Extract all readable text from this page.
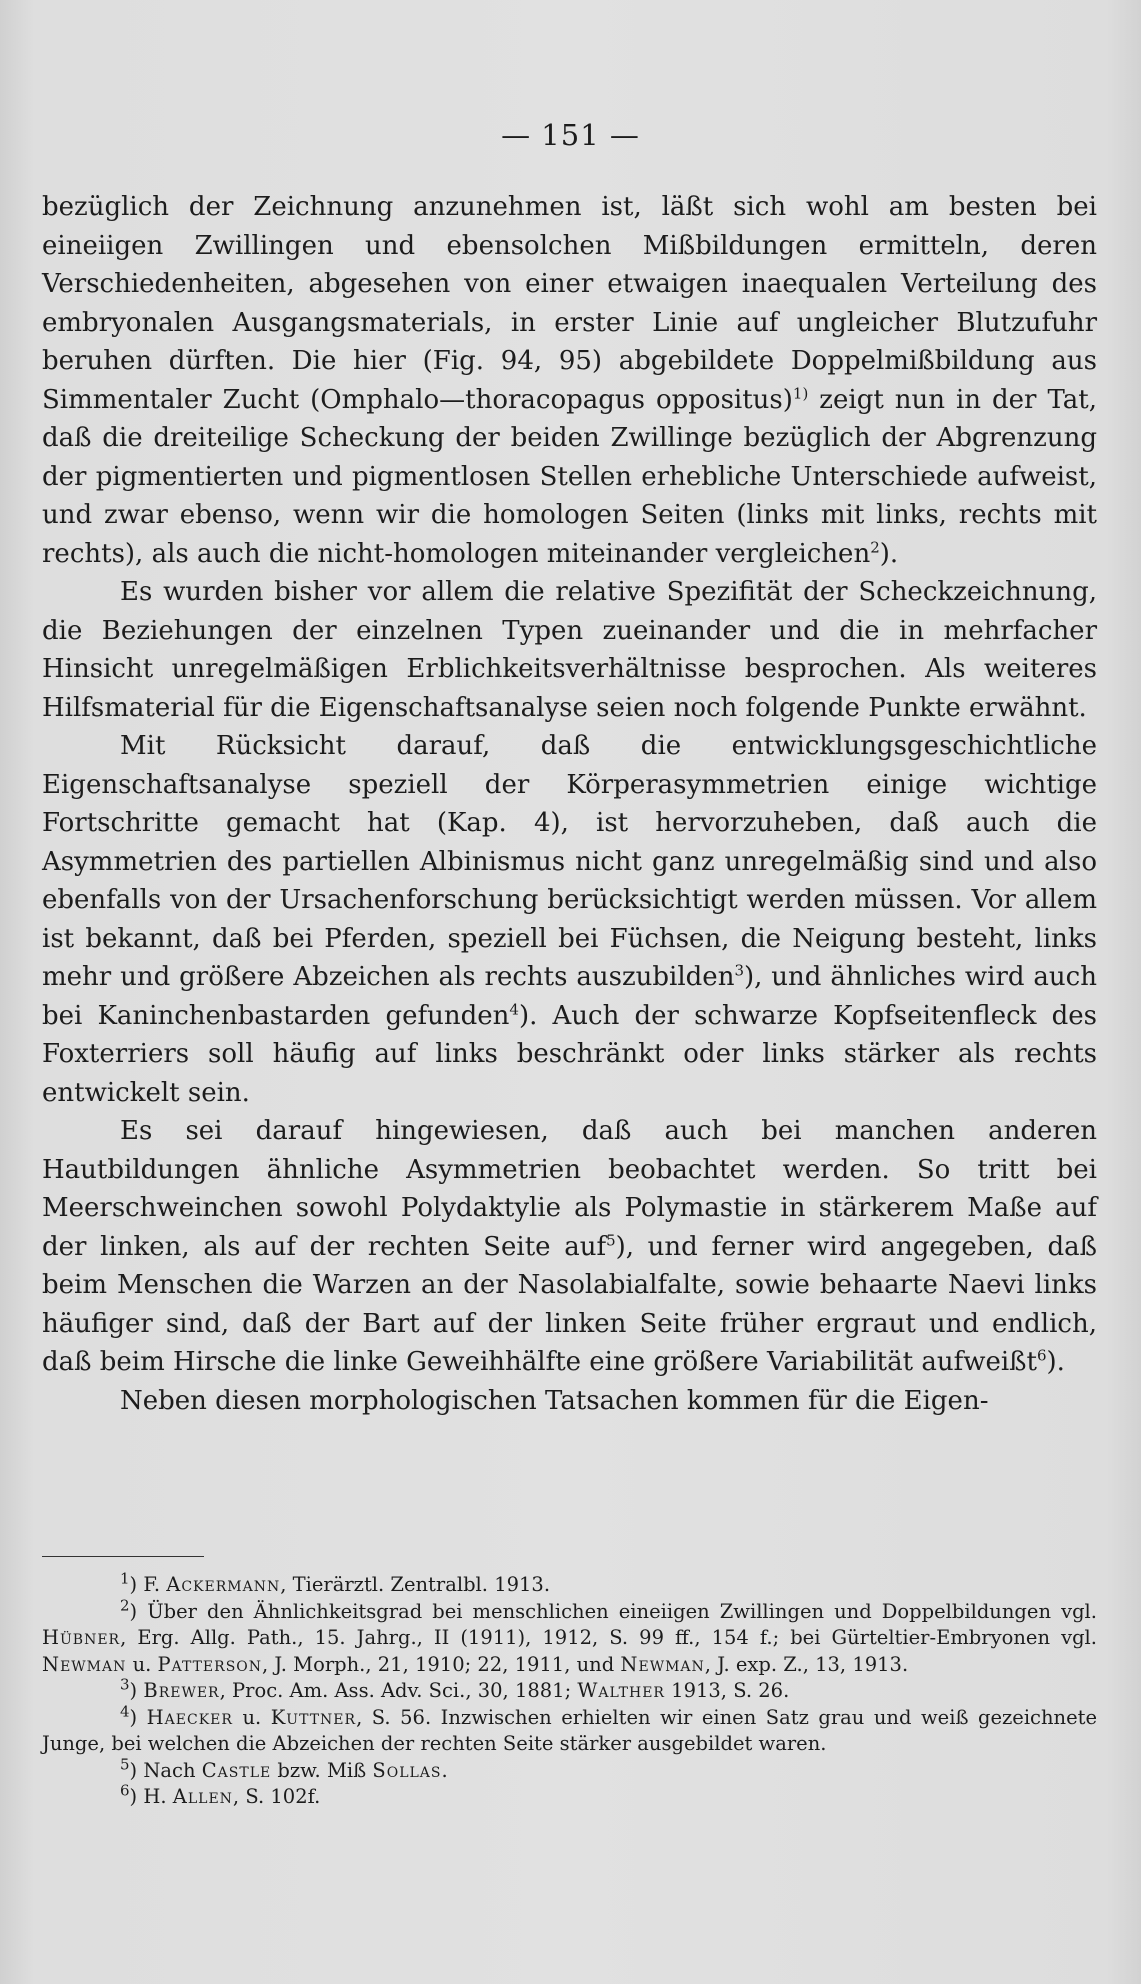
— 151 —

bezüglich der Zeichnung anzunehmen ist, läßt sich wohl am besten bei eineiigen Zwillingen und ebensolchen Mißbildungen ermitteln, deren Verschiedenheiten, abgesehen von einer etwaigen inaequalen Verteilung des embryonalen Ausgangsmaterials, in erster Linie auf ungleicher Blutzufuhr beruhen dürften. Die hier (Fig. 94, 95) abgebildete Doppelmißbildung aus Simmentaler Zucht (Omphalo—thoracopagus oppositus)$^{1)}$ zeigt nun in der Tat, daß die dreiteilige Scheckung der beiden Zwillinge bezüglich der Abgrenzung der pigmentierten und pigmentlosen Stellen erhebliche Unterschiede aufweist, und zwar ebenso, wenn wir die homologen Seiten (links mit links, rechts mit rechts), als auch die nicht-homologen miteinander vergleichen$^2$).

Es wurden bisher vor allem die relative Spezifität der Scheckzeichnung, die Beziehungen der einzelnen Typen zueinander und die in mehrfacher Hinsicht unregelmäßigen Erblichkeitsverhältnisse besprochen. Als weiteres Hilfsmaterial für die Eigenschaftsanalyse seien noch folgende Punkte erwähnt.

Mit Rücksicht darauf, daß die entwicklungsgeschichtliche Eigenschaftsanalyse speziell der Körperasymmetrien einige wichtige Fortschritte gemacht hat (Kap. 4), ist hervorzuheben, daß auch die Asymmetrien des partiellen Albinismus nicht ganz unregelmäßig sind und also ebenfalls von der Ursachenforschung berücksichtigt werden müssen. Vor allem ist bekannt, daß bei Pferden, speziell bei Füchsen, die Neigung besteht, links mehr und größere Abzeichen als rechts auszubilden$^3$), und ähnliches wird auch bei Kaninchenbastarden gefunden$^4$). Auch der schwarze Kopfseitenfleck des Foxterriers soll häufig auf links beschränkt oder links stärker als rechts entwickelt sein.

Es sei darauf hingewiesen, daß auch bei manchen anderen Hautbildungen ähnliche Asymmetrien beobachtet werden. So tritt bei Meerschweinchen sowohl Polydaktylie als Polymastie in stärkerem Maße auf der linken, als auf der rechten Seite auf$^5$), und ferner wird angegeben, daß beim Menschen die Warzen an der Nasolabialfalte, sowie behaarte Naevi links häufiger sind, daß der Bart auf der linken Seite früher ergraut und endlich, daß beim Hirsche die linke Geweihhälfte eine größere Variabilität aufweißt$^6$).

Neben diesen morphologischen Tatsachen kommen für die Eigen-

$^1$) F. Ackermann, Tierärztl. Zentralbl. 1913.

$^2$) Über den Ähnlichkeitsgrad bei menschlichen eineiigen Zwillingen und Doppelbildungen vgl. Hübner, Erg. Allg. Path., 15. Jahrg., II (1911), 1912, S. 99 ff., 154 f.; bei Gürteltier-Embryonen vgl. Newman u. Patterson, J. Morph., 21, 1910; 22, 1911, und Newman, J. exp. Z., 13, 1913.

$^3$) Brewer, Proc. Am. Ass. Adv. Sci., 30, 1881; Walther 1913, S. 26.

$^4$) Haecker u. Kuttner, S. 56. Inzwischen erhielten wir einen Satz grau und weiß gezeichnete Junge, bei welchen die Abzeichen der rechten Seite stärker ausgebildet waren.

$^5$) Nach Castle bzw. Miß Sollas.

$^6$) H. Allen, S. 102f.
